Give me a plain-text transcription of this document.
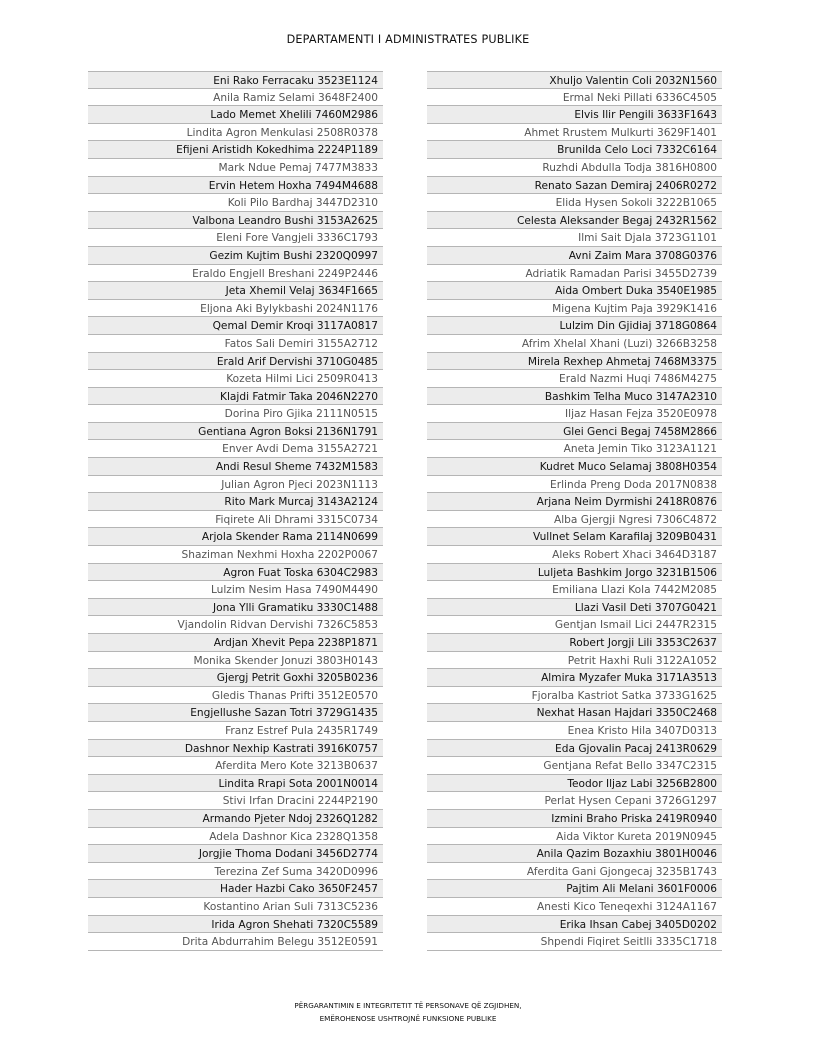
DEPARTAMENTI I ADMINISTRATES PUBLIKE
Eni Rako Ferracaku 3523E1124
Anila Ramiz Selami 3648F2400
Lado Memet Xhelili 7460M2986
Lindita Agron Menkulasi 2508R0378
Efijeni Aristidh Kokedhima 2224P1189
Mark Ndue Pemaj 7477M3833
Ervin Hetem Hoxha 7494M4688
Koli Pilo Bardhaj 3447D2310
Valbona Leandro Bushi 3153A2625
Eleni Fore Vangjeli 3336C1793
Gezim Kujtim Bushi 2320Q0997
Eraldo Engjell Breshani 2249P2446
Jeta Xhemil Velaj 3634F1665
Eljona Aki Bylykbashi 2024N1176
Qemal Demir Kroqi 3117A0817
Fatos Sali Demiri 3155A2712
Erald Arif Dervishi 3710G0485
Kozeta Hilmi Lici 2509R0413
Klajdi Fatmir Taka 2046N2270
Dorina Piro Gjika 2111N0515
Gentiana Agron Boksi 2136N1791
Enver Avdi Dema 3155A2721
Andi Resul Sheme 7432M1583
Julian Agron Pjeci 2023N1113
Rito Mark Murcaj 3143A2124
Fiqirete Ali Dhrami 3315C0734
Arjola Skender Rama 2114N0699
Shaziman Nexhmi Hoxha 2202P0067
Agron Fuat Toska 6304C2983
Lulzim Nesim Hasa 7490M4490
Jona Ylli Gramatiku 3330C1488
Vjandolin Ridvan Dervishi 7326C5853
Ardjan Xhevit Pepa 2238P1871
Monika Skender Jonuzi 3803H0143
Gjergj Petrit Goxhi 3205B0236
Gledis Thanas Prifti 3512E0570
Engjellushe Sazan Totri 3729G1435
Franz Estref Pula 2435R1749
Dashnor Nexhip Kastrati 3916K0757
Aferdita Mero Kote 3213B0637
Lindita Rrapi Sota 2001N0014
Stivi Irfan Dracini 2244P2190
Armando Pjeter Ndoj 2326Q1282
Adela Dashnor Kica 2328Q1358
Jorgjie Thoma Dodani 3456D2774
Terezina Zef Suma 3420D0996
Hader Hazbi Cako 3650F2457
Kostantino Arian Suli 7313C5236
Irida Agron Shehati 7320C5589
Drita Abdurrahim Belegu 3512E0591
Xhuljo Valentin Coli 2032N1560
Ermal Neki Pillati 6336C4505
Elvis Ilir Pengili 3633F1643
Ahmet Rrustem Mulkurti 3629F1401
Brunilda Celo Loci 7332C6164
Ruzhdi Abdulla Todja 3816H0800
Renato Sazan Demiraj 2406R0272
Elida Hysen Sokoli 3222B1065
Celesta Aleksander Begaj 2432R1562
Ilmi Sait Djala 3723G1101
Avni Zaim Mara 3708G0376
Adriatik Ramadan Parisi 3455D2739
Aida Ombert Duka 3540E1985
Migena Kujtim Paja 3929K1416
Lulzim Din Gjidiaj 3718G0864
Afrim Xhelal Xhani (Luzi) 3266B3258
Mirela Rexhep Ahmetaj 7468M3375
Erald Nazmi Huqi 7486M4275
Bashkim Telha Muco 3147A2310
Iljaz Hasan Fejza 3520E0978
Glei Genci Begaj 7458M2866
Aneta Jemin Tiko 3123A1121
Kudret Muco Selamaj 3808H0354
Erlinda Preng Doda 2017N0838
Arjana Neim Dyrmishi 2418R0876
Alba Gjergji Ngresi 7306C4872
Vullnet Selam Karafilaj 3209B0431
Aleks Robert Xhaci 3464D3187
Luljeta Bashkim Jorgo 3231B1506
Emiliana Llazi Kola 7442M2085
Llazi Vasil Deti 3707G0421
Gentjan Ismail Lici 2447R2315
Robert Jorgji Lili 3353C2637
Petrit Haxhi Ruli 3122A1052
Almira Myzafer Muka 3171A3513
Fjoralba Kastriot Satka 3733G1625
Nexhat Hasan Hajdari 3350C2468
Enea Kristo Hila 3407D0313
Eda Gjovalin Pacaj 2413R0629
Gentjana Refat Bello 3347C2315
Teodor Iljaz Labi 3256B2800
Perlat Hysen Cepani 3726G1297
Izmini Braho Priska 2419R0940
Aida Viktor Kureta 2019N0945
Anila Qazim Bozaxhiu 3801H0046
Aferdita Gani Gjongecaj 3235B1743
Pajtim Ali Melani 3601F0006
Anesti Kico Teneqexhi 3124A1167
Erika Ihsan Cabej 3405D0202
Shpendi Fiqiret Seitlli 3335C1718
PËRGARANTIMIN E INTEGRITETIT TË PERSONAVE QË ZGJIDHEN,
EMËROHENOSE USHTROJNË FUNKSIONE PUBLIKE
